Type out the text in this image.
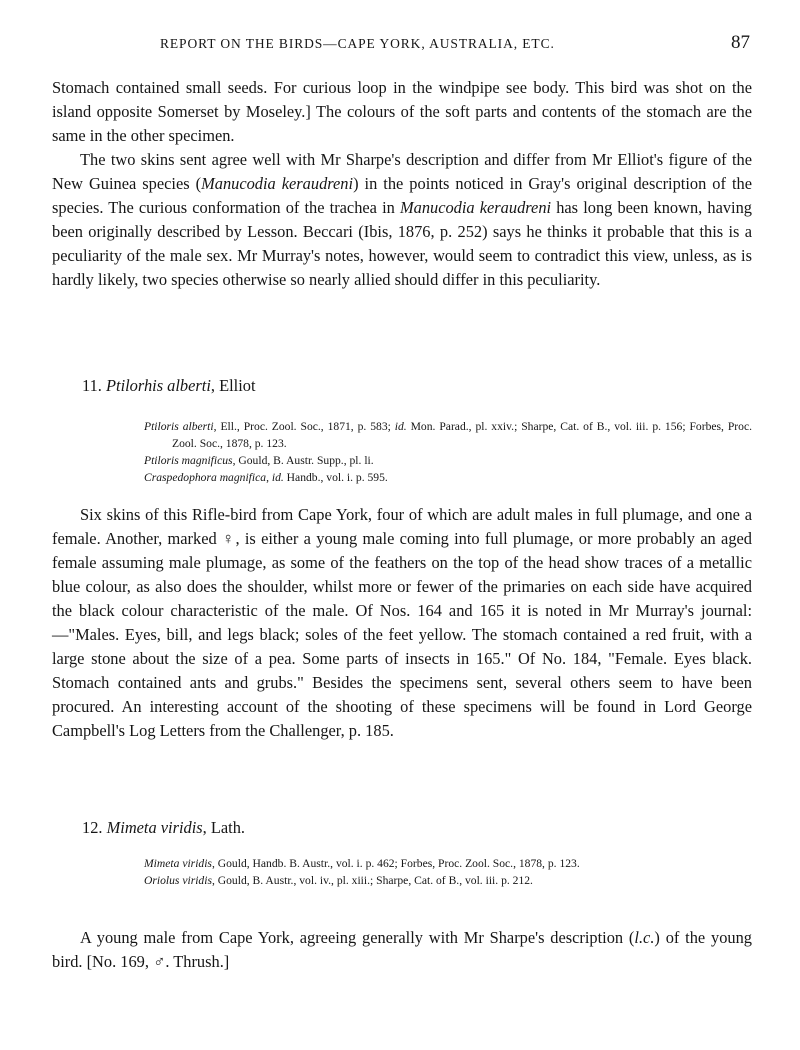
REPORT ON THE BIRDS—CAPE YORK, AUSTRALIA, ETC.	87

Stomach contained small seeds. For curious loop in the windpipe see body. This bird was shot on the island opposite Somerset by Moseley.] The colours of the soft parts and contents of the stomach are the same in the other specimen.

The two skins sent agree well with Mr Sharpe's description and differ from Mr Elliot's figure of the New Guinea species (Manucodia keraudreni) in the points noticed in Gray's original description of the species. The curious conformation of the trachea in Manucodia keraudreni has long been known, having been originally described by Lesson. Beccari (Ibis, 1876, p. 252) says he thinks it probable that this is a peculiarity of the male sex. Mr Murray's notes, however, would seem to contradict this view, unless, as is hardly likely, two species otherwise so nearly allied should differ in this peculiarity.

11. Ptilorhis alberti, Elliot

Ptiloris alberti, Ell., Proc. Zool. Soc., 1871, p. 583; id. Mon. Parad., pl. xxiv.; Sharpe, Cat. of B., vol. iii. p. 156; Forbes, Proc. Zool. Soc., 1878, p. 123.

Ptiloris magnificus, Gould, B. Austr. Supp., pl. li.

Craspedophora magnifica, id. Handb., vol. i. p. 595.

Six skins of this Rifle-bird from Cape York, four of which are adult males in full plumage, and one a female. Another, marked ♀, is either a young male coming into full plumage, or more probably an aged female assuming male plumage, as some of the feathers on the top of the head show traces of a metallic blue colour, as also does the shoulder, whilst more or fewer of the primaries on each side have acquired the black colour characteristic of the male. Of Nos. 164 and 165 it is noted in Mr Murray's journal:—"Males. Eyes, bill, and legs black; soles of the feet yellow. The stomach contained a red fruit, with a large stone about the size of a pea. Some parts of insects in 165." Of No. 184, "Female. Eyes black. Stomach contained ants and grubs." Besides the specimens sent, several others seem to have been procured. An interesting account of the shooting of these specimens will be found in Lord George Campbell's Log Letters from the Challenger, p. 185.

12. Mimeta viridis, Lath.

Mimeta viridis, Gould, Handb. B. Austr., vol. i. p. 462; Forbes, Proc. Zool. Soc., 1878, p. 123.

Oriolus viridis, Gould, B. Austr., vol. iv., pl. xiii.; Sharpe, Cat. of B., vol. iii. p. 212.

A young male from Cape York, agreeing generally with Mr Sharpe's description (l.c.) of the young bird. [No. 169, ♂. Thrush.]
